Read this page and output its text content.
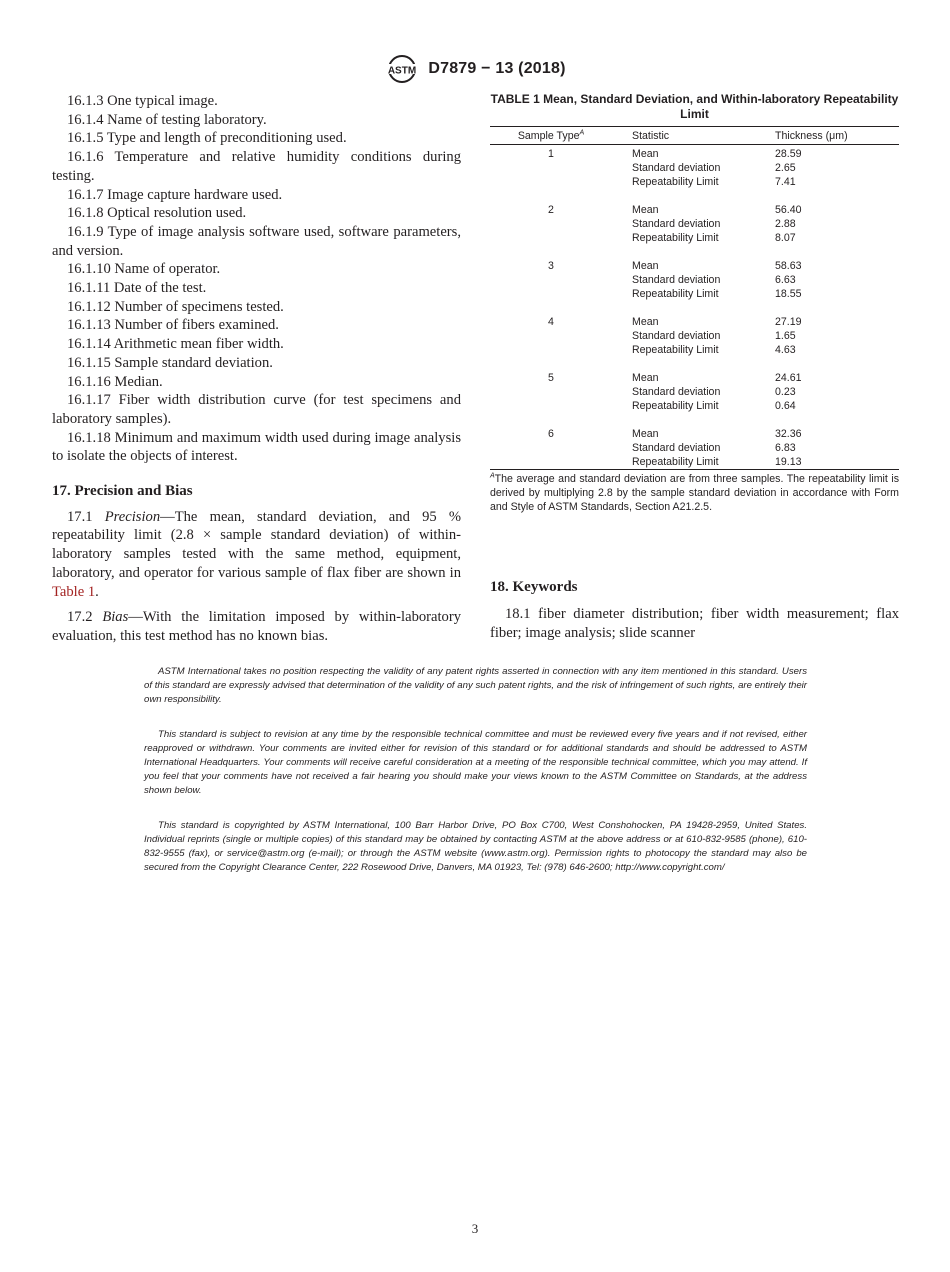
ASTM D7879 − 13 (2018)

16.1.3 One typical image.

16.1.4 Name of testing laboratory.

16.1.5 Type and length of preconditioning used.

16.1.6 Temperature and relative humidity conditions during testing.

16.1.7 Image capture hardware used.

16.1.8 Optical resolution used.

16.1.9 Type of image analysis software used, software parameters, and version.

16.1.10 Name of operator.

16.1.11 Date of the test.

16.1.12 Number of specimens tested.

16.1.13 Number of fibers examined.

16.1.14 Arithmetic mean fiber width.

16.1.15 Sample standard deviation.

16.1.16 Median.

16.1.17 Fiber width distribution curve (for test specimens and laboratory samples).

16.1.18 Minimum and maximum width used during image analysis to isolate the objects of interest.

17. Precision and Bias

17.1 Precision—The mean, standard deviation, and 95 % repeatability limit (2.8 × sample standard deviation) of within-laboratory samples tested with the same method, equipment, laboratory, and operator for various sample of flax fiber are shown in Table 1.

17.2 Bias—With the limitation imposed by within-laboratory evaluation, this test method has no known bias.

TABLE 1 Mean, Standard Deviation, and Within-laboratory Repeatability Limit
Sample Type$^A$	Statistic	Thickness (μm)
1	Mean	28.59
	Standard deviation	2.65
	Repeatability Limit	7.41

2	Mean	56.40
	Standard deviation	2.88
	Repeatability Limit	8.07

3	Mean	58.63
	Standard deviation	6.63
	Repeatability Limit	18.55

4	Mean	27.19
	Standard deviation	1.65
	Repeatability Limit	4.63

5	Mean	24.61
	Standard deviation	0.23
	Repeatability Limit	0.64

6	Mean	32.36
	Standard deviation	6.83
	Repeatability Limit	19.13
$^A$The average and standard deviation are from three samples. The repeatability limit is derived by multiplying 2.8 by the sample standard deviation in accordance with Form and Style of ASTM Standards, Section A21.2.5.
18. Keywords

18.1 fiber diameter distribution; fiber width measurement; flax fiber; image analysis; slide scanner

ASTM International takes no position respecting the validity of any patent rights asserted in connection with any item mentioned in this standard. Users of this standard are expressly advised that determination of the validity of any such patent rights, and the risk of infringement of such rights, are entirely their own responsibility.

This standard is subject to revision at any time by the responsible technical committee and must be reviewed every five years and if not revised, either reapproved or withdrawn. Your comments are invited either for revision of this standard or for additional standards and should be addressed to ASTM International Headquarters. Your comments will receive careful consideration at a meeting of the responsible technical committee, which you may attend. If you feel that your comments have not received a fair hearing you should make your views known to the ASTM Committee on Standards, at the address shown below.

This standard is copyrighted by ASTM International, 100 Barr Harbor Drive, PO Box C700, West Conshohocken, PA 19428-2959, United States. Individual reprints (single or multiple copies) of this standard may be obtained by contacting ASTM at the above address or at 610-832-9585 (phone), 610-832-9555 (fax), or service@astm.org (e-mail); or through the ASTM website (www.astm.org). Permission rights to photocopy the standard may also be secured from the Copyright Clearance Center, 222 Rosewood Drive, Danvers, MA 01923, Tel: (978) 646-2600; http://www.copyright.com/

3
